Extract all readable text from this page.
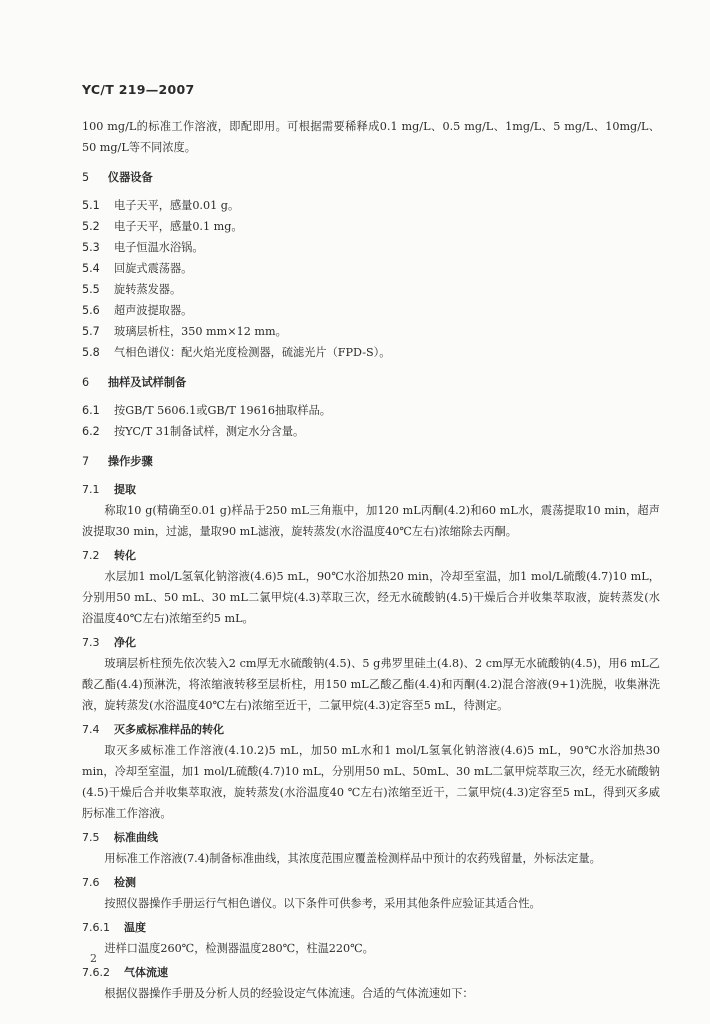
YC/T 219—2007

100 mg/L的标准工作溶液，即配即用。可根据需要稀释成0.1 mg/L、0.5 mg/L、1mg/L、5 mg/L、10mg/L、50 mg/L等不同浓度。

5 仪器设备

5.1 电子天平，感量0.01 g。

5.2 电子天平，感量0.1 mg。

5.3 电子恒温水浴锅。

5.4 回旋式震荡器。

5.5 旋转蒸发器。

5.6 超声波提取器。

5.7 玻璃层析柱，350 mm×12 mm。

5.8 气相色谱仪：配火焰光度检测器，硫滤光片（FPD-S）。

6 抽样及试样制备

6.1 按GB/T 5606.1或GB/T 19616抽取样品。

6.2 按YC/T 31制备试样，测定水分含量。

7 操作步骤
7.1 提取

称取10 g(精确至0.01 g)样品于250 mL三角瓶中，加120 mL丙酮(4.2)和60 mL水，震荡提取10 min，超声波提取30 min，过滤，量取90 mL滤液，旋转蒸发(水浴温度40℃左右)浓缩除去丙酮。

7.2 转化

水层加1 mol/L氢氧化钠溶液(4.6)5 mL，90℃水浴加热20 min，冷却至室温，加1 mol/L硫酸(4.7)10 mL，分别用50 mL、50 mL、30 mL二氯甲烷(4.3)萃取三次，经无水硫酸钠(4.5)干燥后合并收集萃取液，旋转蒸发(水浴温度40℃左右)浓缩至约5 mL。

7.3 净化

玻璃层析柱预先依次装入2 cm厚无水硫酸钠(4.5)、5 g弗罗里硅土(4.8)、2 cm厚无水硫酸钠(4.5)，用6 mL乙酸乙酯(4.4)预淋洗，将浓缩液转移至层析柱，用150 mL乙酸乙酯(4.4)和丙酮(4.2)混合溶液(9+1)洗脱，收集淋洗液，旋转蒸发(水浴温度40℃左右)浓缩至近干，二氯甲烷(4.3)定容至5 mL，待测定。

7.4 灭多威标准样品的转化

取灭多威标准工作溶液(4.10.2)5 mL，加50 mL水和1 mol/L氢氧化钠溶液(4.6)5 mL，90℃水浴加热30 min，冷却至室温，加1 mol/L硫酸(4.7)10 mL，分别用50 mL、50mL、30 mL二氯甲烷萃取三次，经无水硫酸钠(4.5)干燥后合并收集萃取液，旋转蒸发(水浴温度40 ℃左右)浓缩至近干，二氯甲烷(4.3)定容至5 mL，得到灭多威肟标准工作溶液。

7.5 标准曲线

用标准工作溶液(7.4)制备标准曲线，其浓度范围应覆盖检测样品中预计的农药残留量，外标法定量。

7.6 检测

按照仪器操作手册运行气相色谱仪。以下条件可供参考，采用其他条件应验证其适合性。

7.6.1 温度

进样口温度260℃，检测器温度280℃，柱温220℃。

7.6.2 气体流速

根据仪器操作手册及分析人员的经验设定气体流速。合适的气体流速如下：

2
